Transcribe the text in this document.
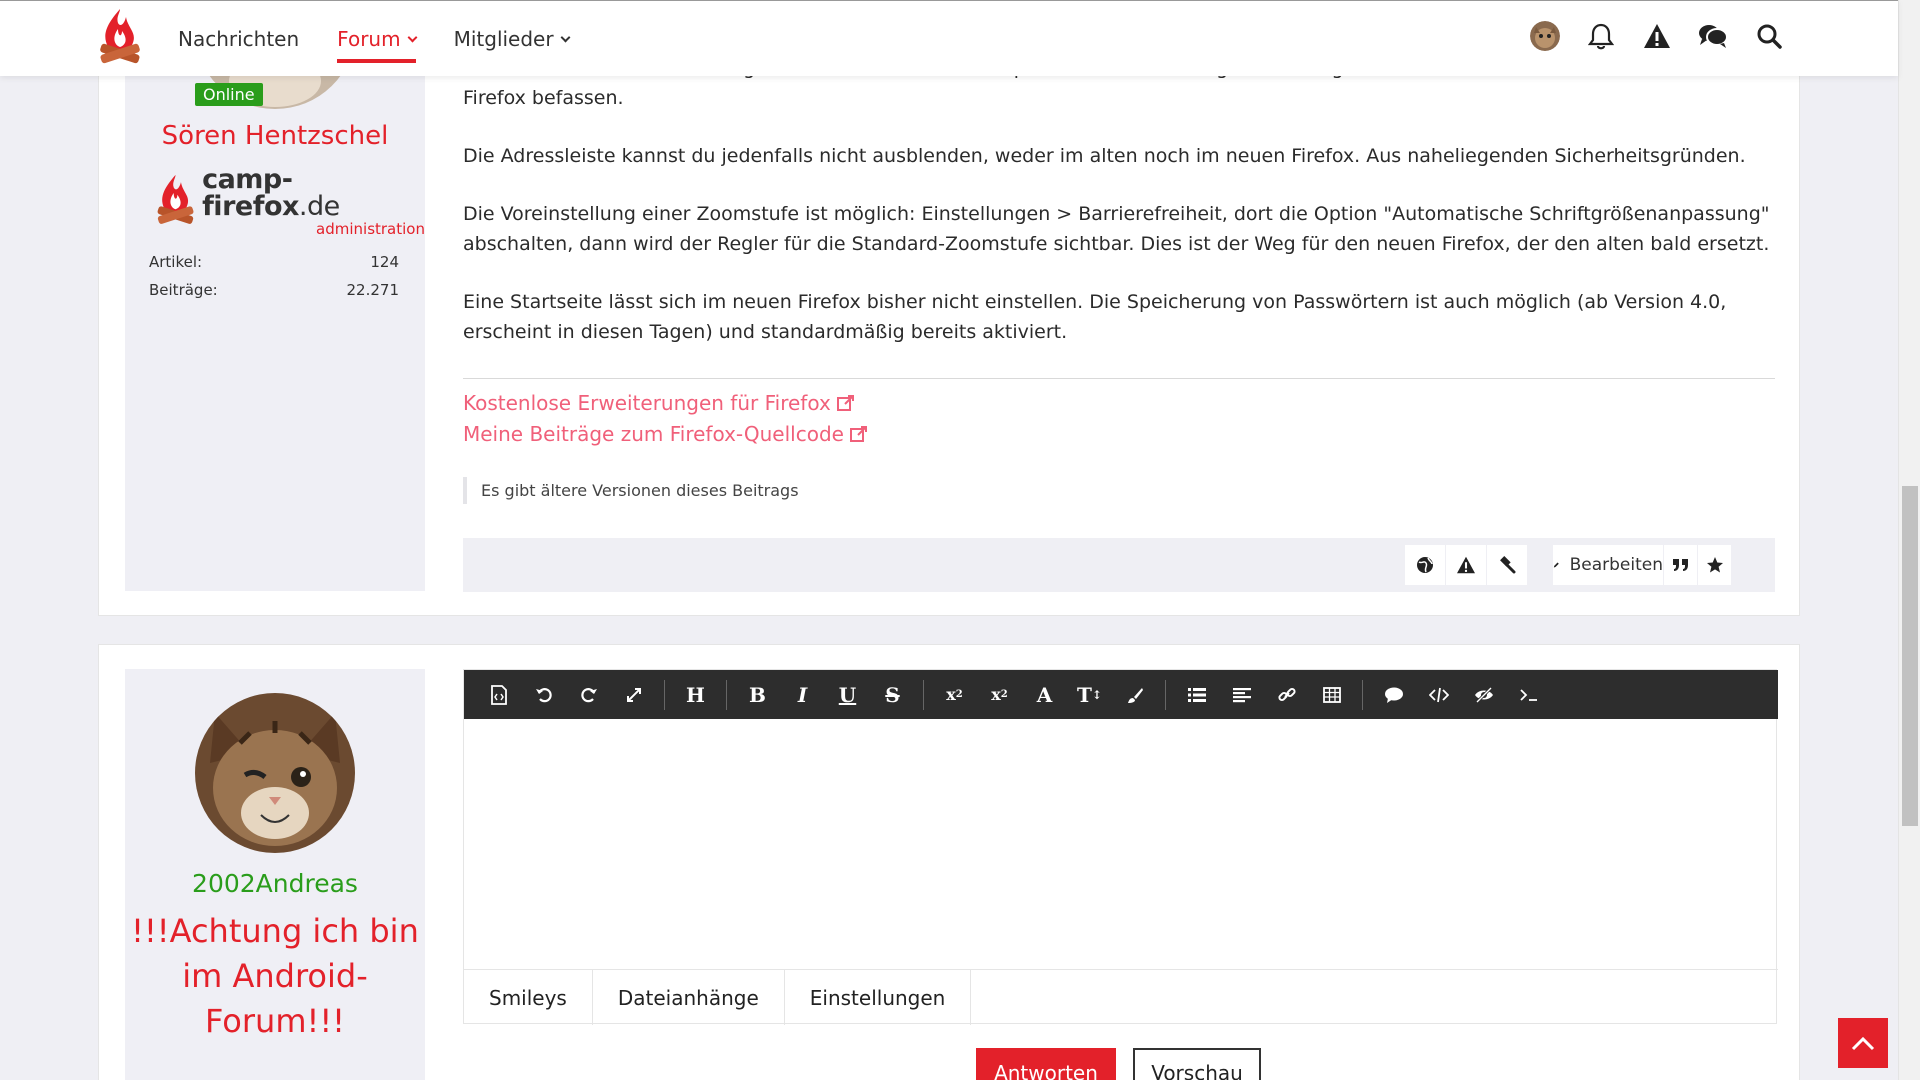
Nachrichten Forum	Mitglieder
Online
Sören Hentzschel
camp-firefox.de
administration
Artikel:	124
Beiträge:	22.271

Firefox befassen.

Die Adressleiste kannst du jedenfalls nicht ausblenden, weder im alten noch im neuen Firefox. Aus naheliegenden Sicherheitsgründen.

Die Voreinstellung einer Zoomstufe ist möglich: Einstellungen > Barrierefreiheit, dort die Option "Automatische Schriftgrößenanpassung" abschalten, dann wird der Regler für die Standard-Zoomstufe sichtbar. Dies ist der Weg für den neuen Firefox, der den alten bald ersetzt.

Eine Startseite lässt sich im neuen Firefox bisher nicht einstellen. Die Speicherung von Passwörtern ist auch möglich (ab Version 4.0, erscheint in diesen Tagen) und standardmäßig bereits aktiviert.

Kostenlose Erweiterungen für Firefox
Meine Beiträge zum Firefox-Quellcode
Es gibt ältere Versionen dieses Beitrags
Bearbeiten
2002Andreas
!!!Achtung ich bin im Android-Forum!!!
H	B	I	U	S	x 2	x 2	A	T ↕
Smileys	Dateianhänge	Einstellungen
Antworten	Vorschau
